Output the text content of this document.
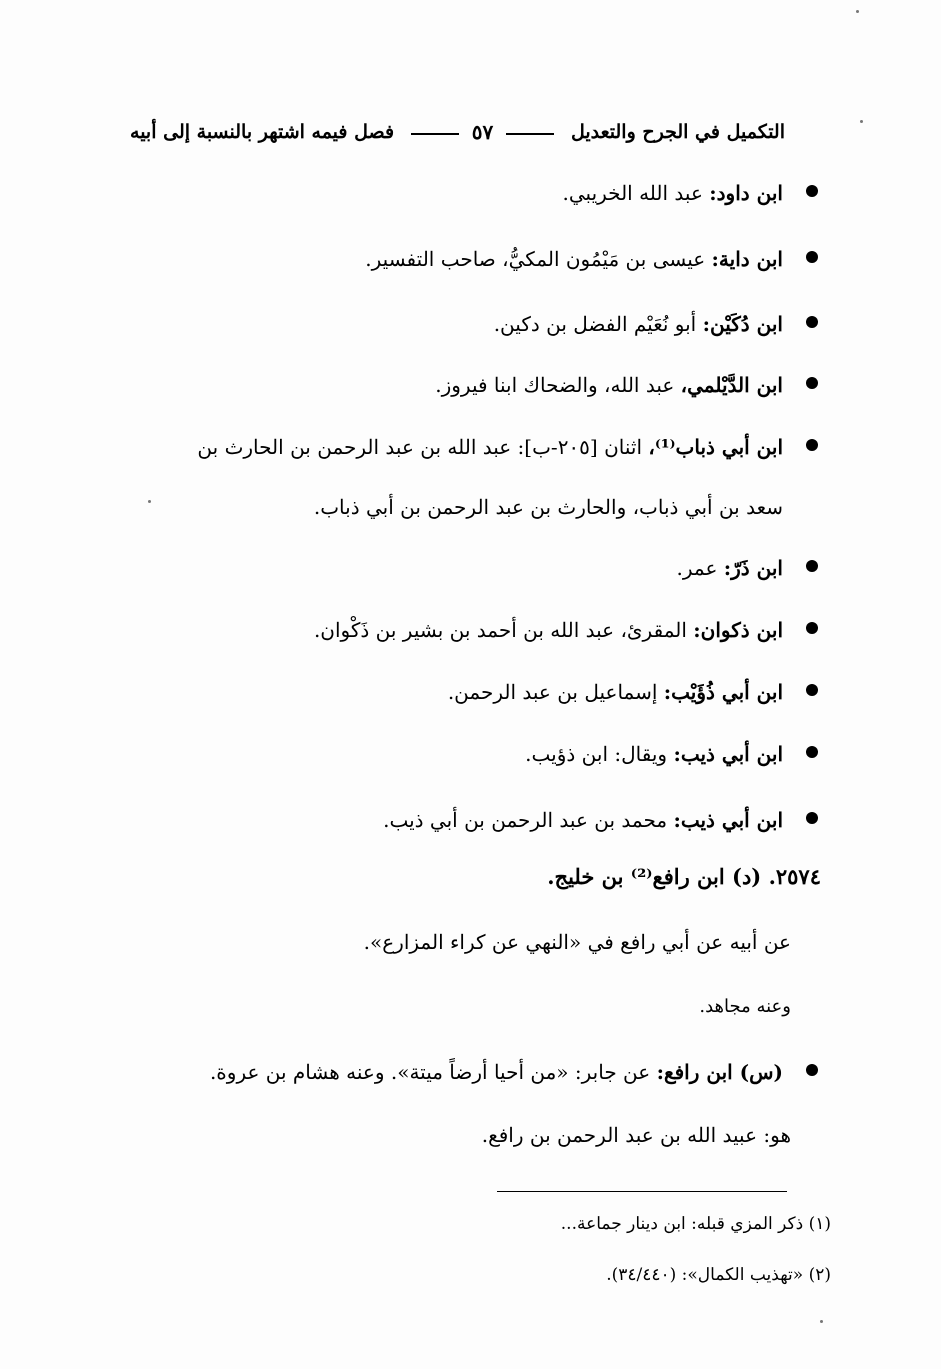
التكميل في الجرح والتعديل
٥٧
فصل فيمه اشتهر بالنسبة إلى أبيه
ابن داود: عبد الله الخريبي.
ابن داية: عيسى بن مَيْمُون المكيُّ، صاحب التفسير.
ابن دُكَيْن: أبو نُعَيْم الفضل بن دكين.
ابن الدَّيْلمي، عبد الله، والضحاك ابنا فيروز.
ابن أبي ذباب⁽¹⁾، اثنان [٢٠٥-ب]: عبد الله بن عبد الرحمن بن الحارث بن
سعد بن أبي ذباب، والحارث بن عبد الرحمن بن أبي ذباب.
ابن ذَرّ: عمر.
ابن ذكوان: المقرئ، عبد الله بن أحمد بن بشير بن ذَكْوان.
ابن أبي ذُؤَيْب: إسماعيل بن عبد الرحمن.
ابن أبي ذيب: ويقال: ابن ذؤيب.
ابن أبي ذيب: محمد بن عبد الرحمن بن أبي ذيب.
٢٥٧٤. (د) ابن رافع⁽²⁾ بن خليج.
عن أبيه عن أبي رافع في «النهي عن كراء المزارع».
وعنه مجاهد.
(س) ابن رافع: عن جابر: «من أحيا أرضاً ميتة». وعنه هشام بن عروة.
هو: عبيد الله بن عبد الرحمن بن رافع.
(١) ذكر المزي قبله: ابن دينار جماعة...
(٢) «تهذيب الكمال»: (٣٤/٤٤٠).
